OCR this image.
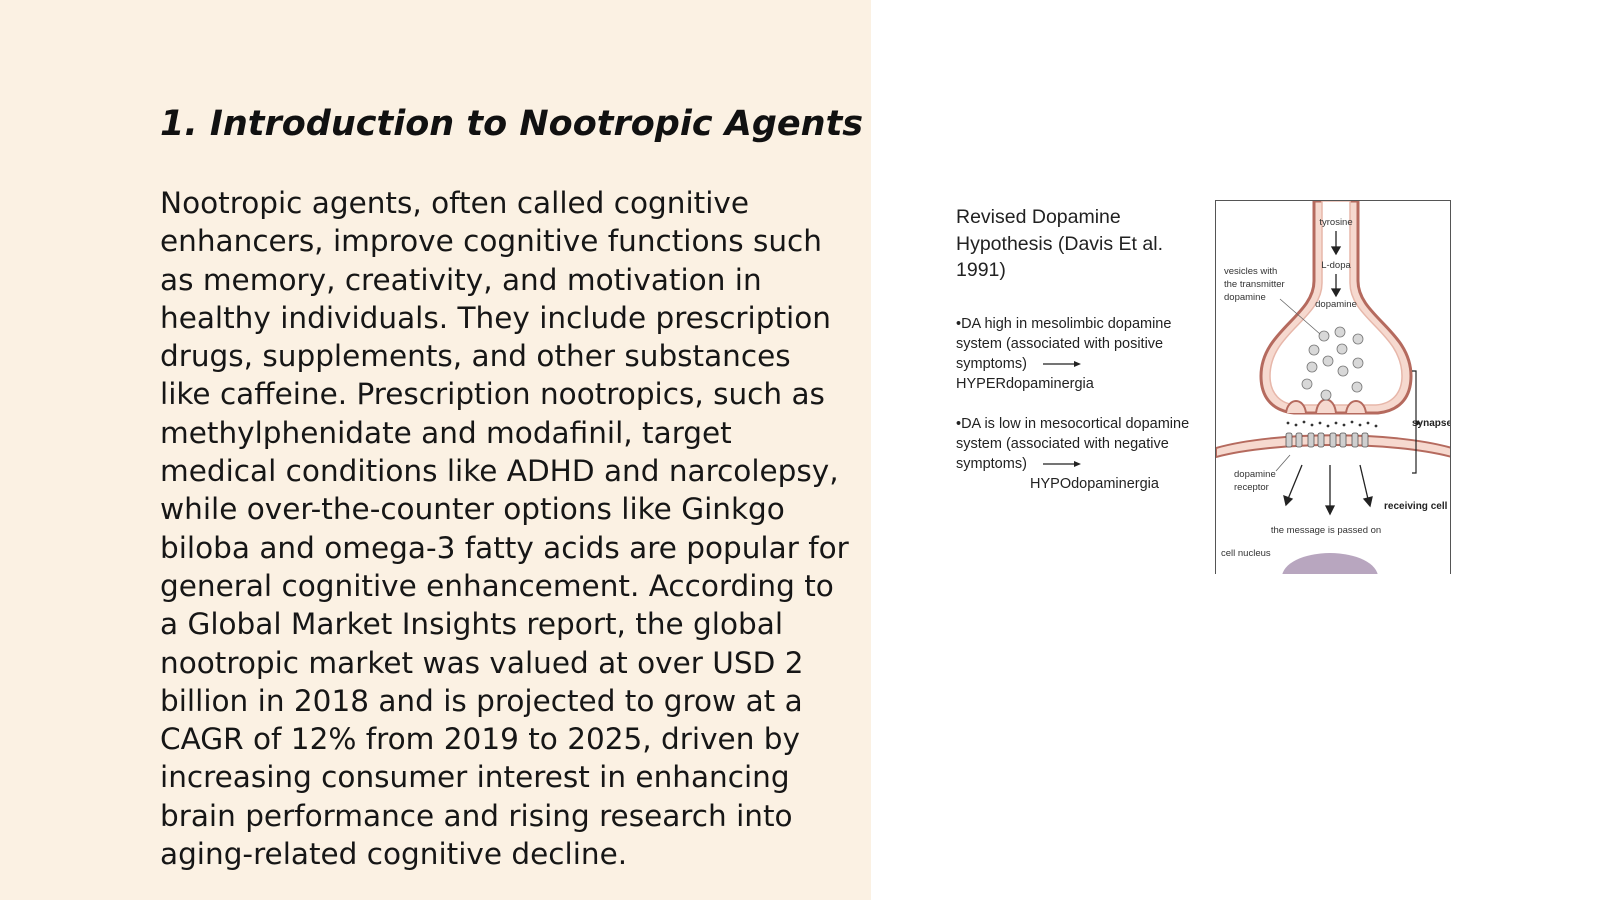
1. Introduction to Nootropic Agents

Nootropic agents, often called cognitive enhancers, improve cognitive functions such as memory, creativity, and motivation in healthy individuals. They include prescription drugs, supplements, and other substances like caffeine. Prescription nootropics, such as methylphenidate and modafinil, target medical conditions like ADHD and narcolepsy, while over-the-counter options like Ginkgo biloba and omega-3 fatty acids are popular for general cognitive enhancement. According to a Global Market Insights report, the global nootropic market was valued at over USD 2 billion in 2018 and is projected to grow at a CAGR of 12% from 2019 to 2025, driven by increasing consumer interest in enhancing brain performance and rising research into aging-related cognitive decline.

Revised Dopamine Hypothesis (Davis Et al. 1991)

•DA high in mesolimbic dopamine system (associated with positive symptoms)
HYPERdopaminergia

•DA is low in mesocortical dopamine system (associated with negative symptoms)
HYPOdopaminergia

tyrosine
L-dopa
dopamine
vesicles with
the transmitter
dopamine
synapse
dopamine
receptor
receiving cell
the message is passed on
cell nucleus
